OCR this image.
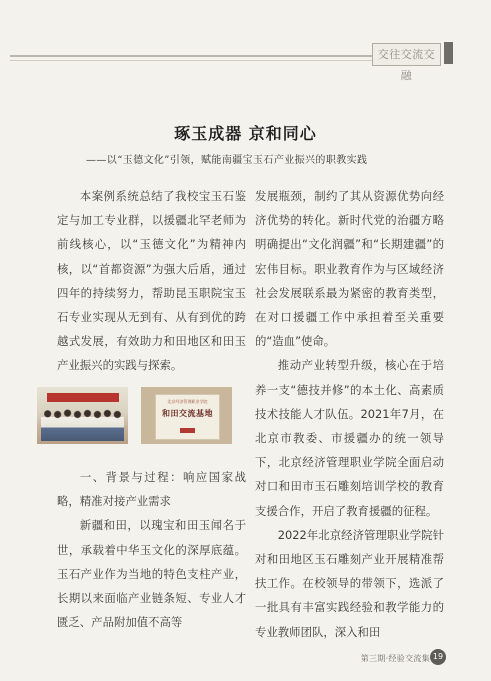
交往交流交融
琢玉成器 京和同心
——以“玉德文化”引领，赋能南疆宝玉石产业振兴的职教实践

本案例系统总结了我校宝玉石鉴定与加工专业群，以援疆北罕老师为前线核心，以“玉德文化”为精神内核，以“首都资源”为强大后盾，通过四年的持续努力，帮助昆玉职院宝玉石专业实现从无到有、从有到优的跨越式发展，有效助力和田地区和田玉产业振兴的实践与探索。

北京经济管理职业学院
和田交流基地

一、背景与过程：响应国家战略，精准对接产业需求

新疆和田，以瑰宝和田玉闻名于世，承载着中华玉文化的深厚底蕴。玉石产业作为当地的特色支柱产业，长期以来面临产业链条短、专业人才匮乏、产品附加值不高等

发展瓶颈，制约了其从资源优势向经济优势的转化。新时代党的治疆方略明确提出“文化润疆”和“长期建疆”的宏伟目标。职业教育作为与区域经济社会发展联系最为紧密的教育类型，在对口援疆工作中承担着至关重要的“造血”使命。

推动产业转型升级，核心在于培养一支“德技并修”的本土化、高素质技术技能人才队伍。2021年7月，在北京市教委、市援疆办的统一领导下，北京经济管理职业学院全面启动对口和田市玉石雕刻培训学校的教育支援合作，开启了教育援疆的征程。

2022年北京经济管理职业学院针对和田地区玉石雕刻产业开展精准帮扶工作。在校领导的带领下，选派了一批具有丰富实践经验和教学能力的专业教师团队，深入和田

第三期·经验交流集 19
